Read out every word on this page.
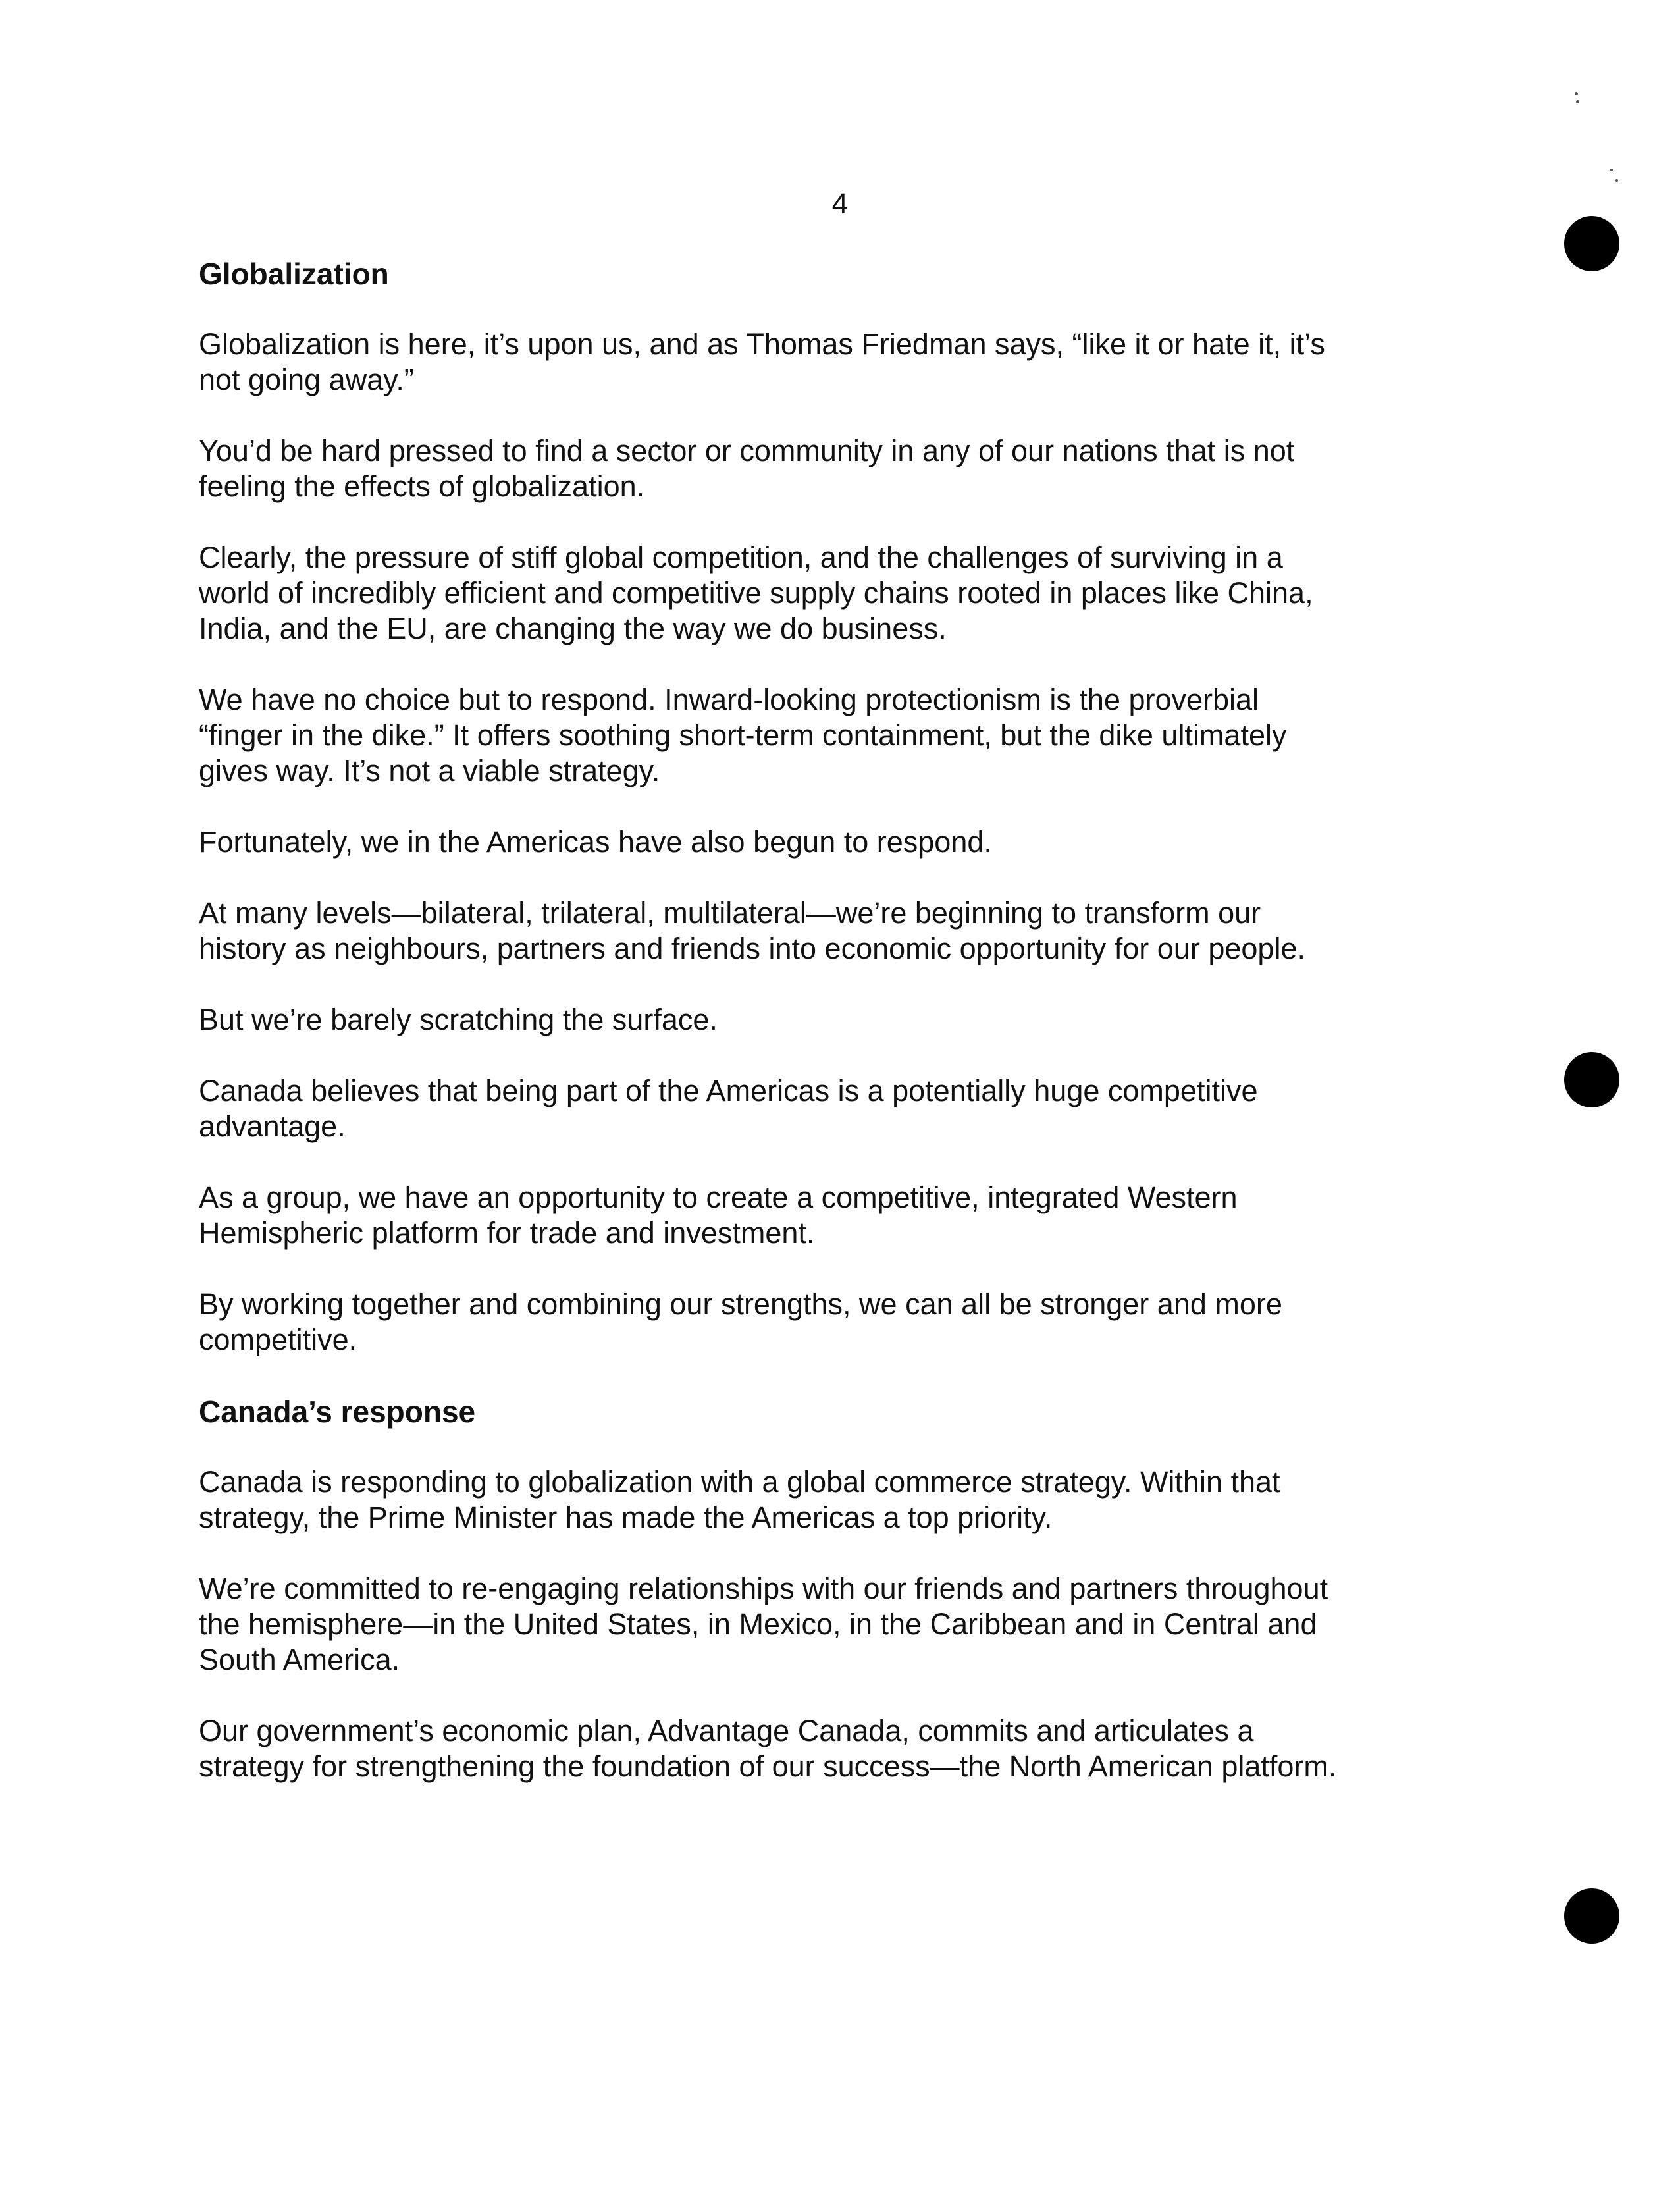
4
Globalization

Globalization is here, it’s upon us, and as Thomas Friedman says, “like it or hate it, it’s
not going away.”

You’d be hard pressed to find a sector or community in any of our nations that is not
feeling the effects of globalization.

Clearly, the pressure of stiff global competition, and the challenges of surviving in a
world of incredibly efficient and competitive supply chains rooted in places like China,
India, and the EU, are changing the way we do business.

We have no choice but to respond. Inward-looking protectionism is the proverbial
“finger in the dike.” It offers soothing short-term containment, but the dike ultimately
gives way. It’s not a viable strategy.

Fortunately, we in the Americas have also begun to respond.

At many levels—bilateral, trilateral, multilateral—we’re beginning to transform our
history as neighbours, partners and friends into economic opportunity for our people.

But we’re barely scratching the surface.

Canada believes that being part of the Americas is a potentially huge competitive
advantage.

As a group, we have an opportunity to create a competitive, integrated Western
Hemispheric platform for trade and investment.

By working together and combining our strengths, we can all be stronger and more
competitive.

Canada’s response

Canada is responding to globalization with a global commerce strategy. Within that
strategy, the Prime Minister has made the Americas a top priority.

We’re committed to re-engaging relationships with our friends and partners throughout
the hemisphere—in the United States, in Mexico, in the Caribbean and in Central and
South America.

Our government’s economic plan, Advantage Canada, commits and articulates a
strategy for strengthening the foundation of our success—the North American platform.
